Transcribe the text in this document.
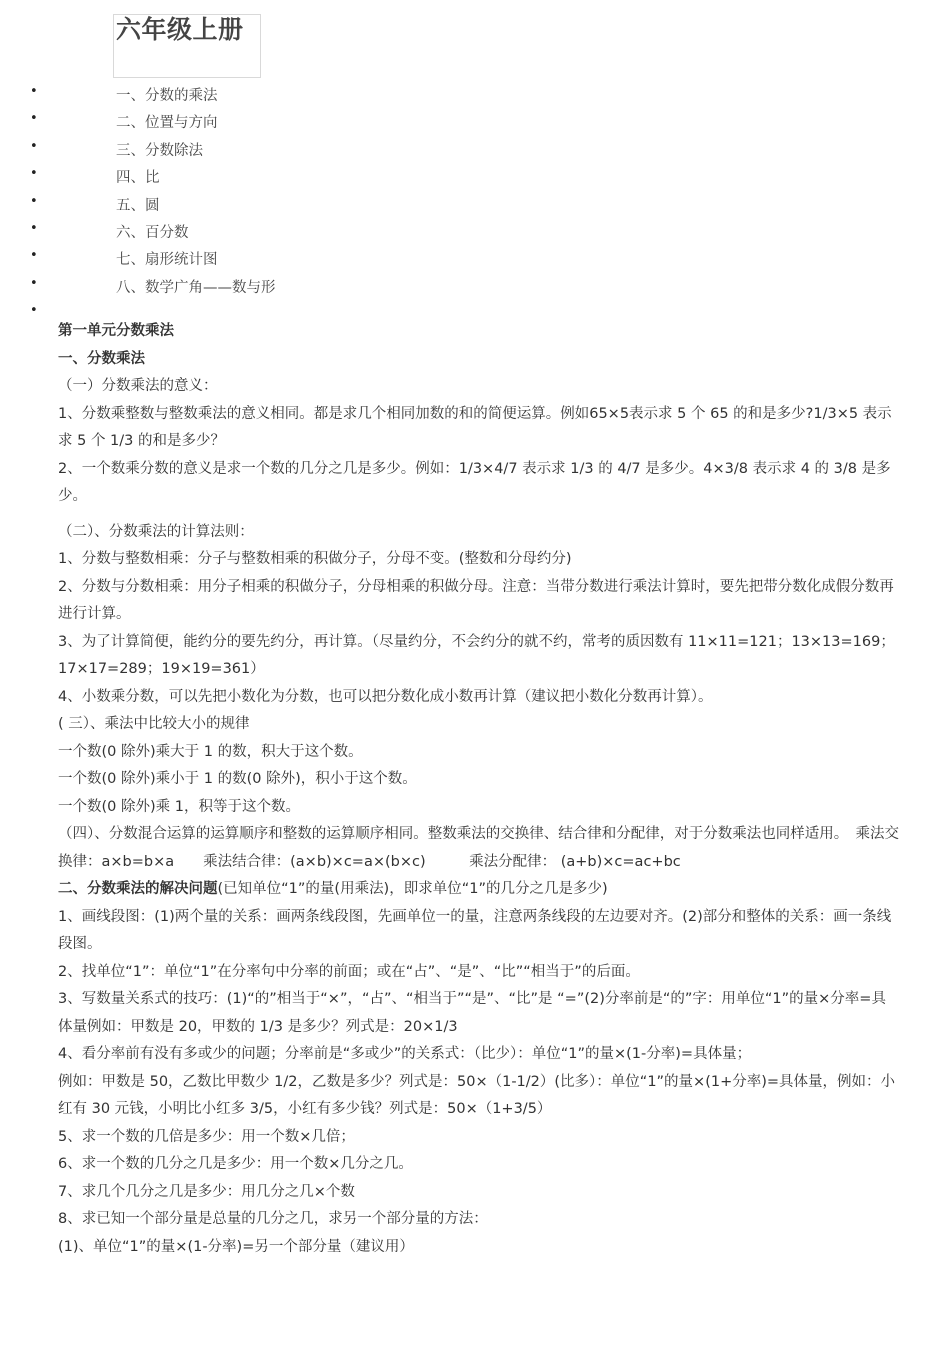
六年级上册
•	一、分数的乘法
•	二、位置与方向
•	三、分数除法
•	四、比
•	五、圆
•	六、百分数
•	七、扇形统计图
•	八、数学广角——数与形
•

第一单元分数乘法

一、分数乘法

（一）分数乘法的意义：

1、分数乘整数与整数乘法的意义相同。都是求几个相同加数的和的简便运算。例如65×5表示求 5 个 65 的和是多少?1/3×5 表示求 5 个 1/3 的和是多少？

2、一个数乘分数的意义是求一个数的几分之几是多少。例如：1/3×4/7 表示求 1/3 的 4/7 是多少。4×3/8 表示求 4 的 3/8 是多少。

（二）、分数乘法的计算法则：

1、分数与整数相乘：分子与整数相乘的积做分子，分母不变。(整数和分母约分)

2、分数与分数相乘：用分子相乘的积做分子，分母相乘的积做分母。注意：当带分数进行乘法计算时，要先把带分数化成假分数再进行计算。

3、为了计算简便，能约分的要先约分，再计算。（尽量约分，不会约分的就不约，常考的质因数有 11×11=121；13×13=169；17×17=289；19×19=361）

4、小数乘分数，可以先把小数化为分数，也可以把分数化成小数再计算（建议把小数化分数再计算）。

( 三）、乘法中比较大小的规律

一个数(0 除外)乘大于 1 的数，积大于这个数。

一个数(0 除外)乘小于 1 的数(0 除外)，积小于这个数。

一个数(0 除外)乘 1，积等于这个数。

（四）、分数混合运算的运算顺序和整数的运算顺序相同。整数乘法的交换律、结合律和分配律，对于分数乘法也同样适用。　乘法交换律：a×b=b×a　　乘法结合律：(a×b)×c=a×(b×c)　　　乘法分配律： (a+b)×c=ac+bc

二、分数乘法的解决问题(已知单位“1”的量(用乘法)，即求单位“1”的几分之几是多少)

1、画线段图：(1)两个量的关系：画两条线段图，先画单位一的量，注意两条线段的左边要对齐。(2)部分和整体的关系：画一条线段图。

2、找单位“1”：单位“1”在分率句中分率的前面；或在“占”、“是”、“比”“相当于”的后面。

3、写数量关系式的技巧：(1)“的”相当于“×”，“占”、“相当于”“是”、“比”是 “=”(2)分率前是“的”字：用单位“1”的量×分率=具体量例如：甲数是 20，甲数的 1/3 是多少？列式是：20×1/3

4、看分率前有没有多或少的问题；分率前是“多或少”的关系式：（比少）：单位“1”的量×(1-分率)=具体量；

例如：甲数是 50，乙数比甲数少 1/2，乙数是多少？列式是：50×（1-1/2）(比多）：单位“1”的量×(1+分率)=具体量，例如：小红有 30 元钱，小明比小红多 3/5，小红有多少钱？列式是：50×（1+3/5）

5、求一个数的几倍是多少：用一个数×几倍；

6、求一个数的几分之几是多少：用一个数×几分之几。

7、求几个几分之几是多少：用几分之几×个数

8、求已知一个部分量是总量的几分之几，求另一个部分量的方法：

(1)、单位“1”的量×(1-分率)=另一个部分量（建议用）
